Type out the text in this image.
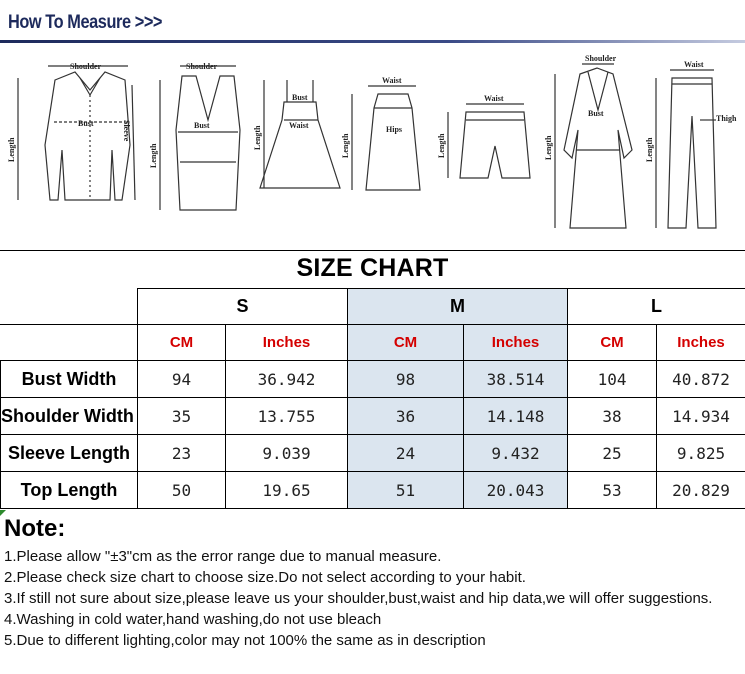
How To Measure >>>
Shoulder
Bust
Length
Sleeve
Shoulder
Bust
Length
Bust
Waist
Length
Waist
Hips
Length
Waist
Length
Shoulder
Bust
Length
Waist
Thigh
Length
SIZE CHART
	S		M		L	
	CM	Inches	CM	Inches	CM	Inches
Bust Width	94	36.942	98	38.514	104	40.872
Shoulder Width	35	13.755	36	14.148	38	14.934
Sleeve Length	23	9.039	24	9.432	25	9.825
Top Length	50	19.65	51	20.043	53	20.829
Note:
1.Please allow "±3"cm as the error range due to manual measure.
2.Please check size chart to choose size.Do not select according to your habit.
3.If still not sure about size,please leave us your shoulder,bust,waist and hip data,we will offer suggestions.
4.Washing in cold water,hand washing,do not use bleach
5.Due to different lighting,color may not 100% the same as in description
